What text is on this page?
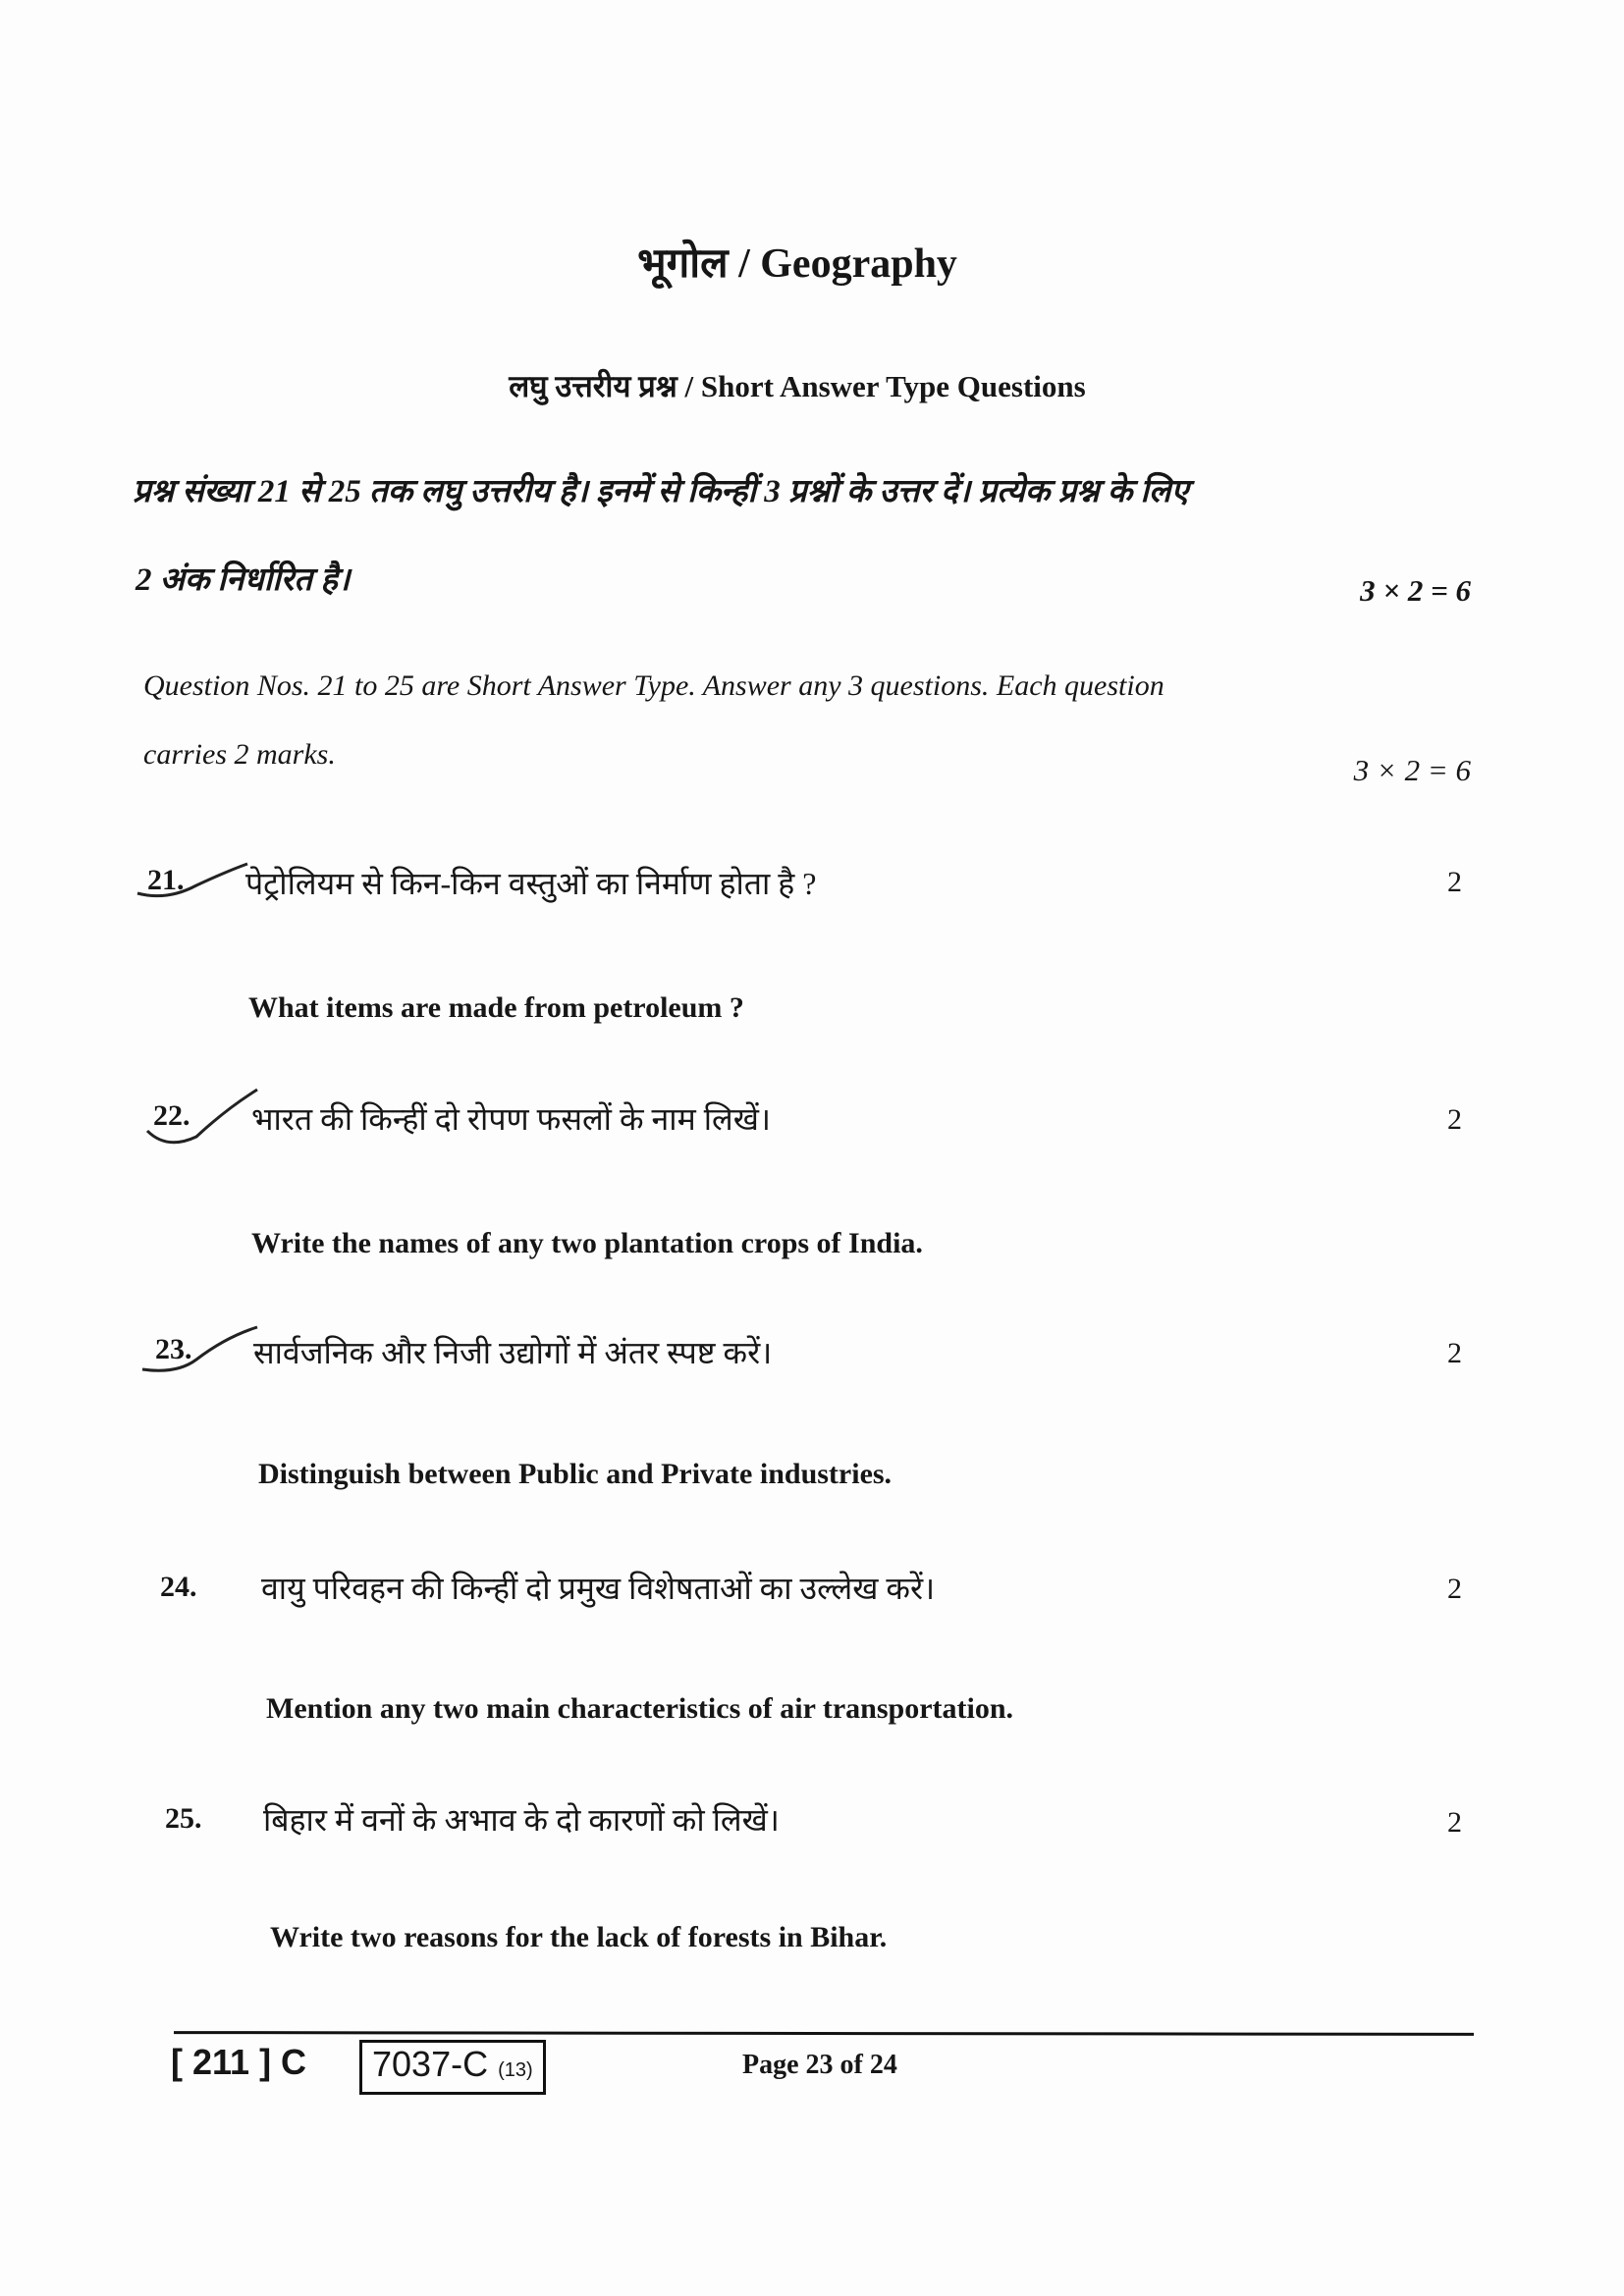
भूगोल / Geography
लघु उत्तरीय प्रश्न / Short Answer Type Questions
प्रश्न संख्या 21 से 25 तक लघु उत्तरीय है। इनमें से किन्हीं 3 प्रश्नों के उत्तर दें। प्रत्येक प्रश्न के लिए
2 अंक निर्धारित है।	3 × 2 = 6
Question Nos. 21 to 25 are Short Answer Type. Answer any 3 questions. Each question
carries 2 marks.	3 × 2 = 6
21. पेट्रोलियम से किन-किन वस्तुओं का निर्माण होता है ?	2
What items are made from petroleum ?
22. भारत की किन्हीं दो रोपण फसलों के नाम लिखें।	2
Write the names of any two plantation crops of India.
23. सार्वजनिक और निजी उद्योगों में अंतर स्पष्ट करें।	2
Distinguish between Public and Private industries.
24. वायु परिवहन की किन्हीं दो प्रमुख विशेषताओं का उल्लेख करें।	2
Mention any two main characteristics of air transportation.
25. बिहार में वनों के अभाव के दो कारणों को लिखें।	2
Write two reasons for the lack of forests in Bihar.
[ 211 ] C	7037-C (13)	Page 23 of 24
